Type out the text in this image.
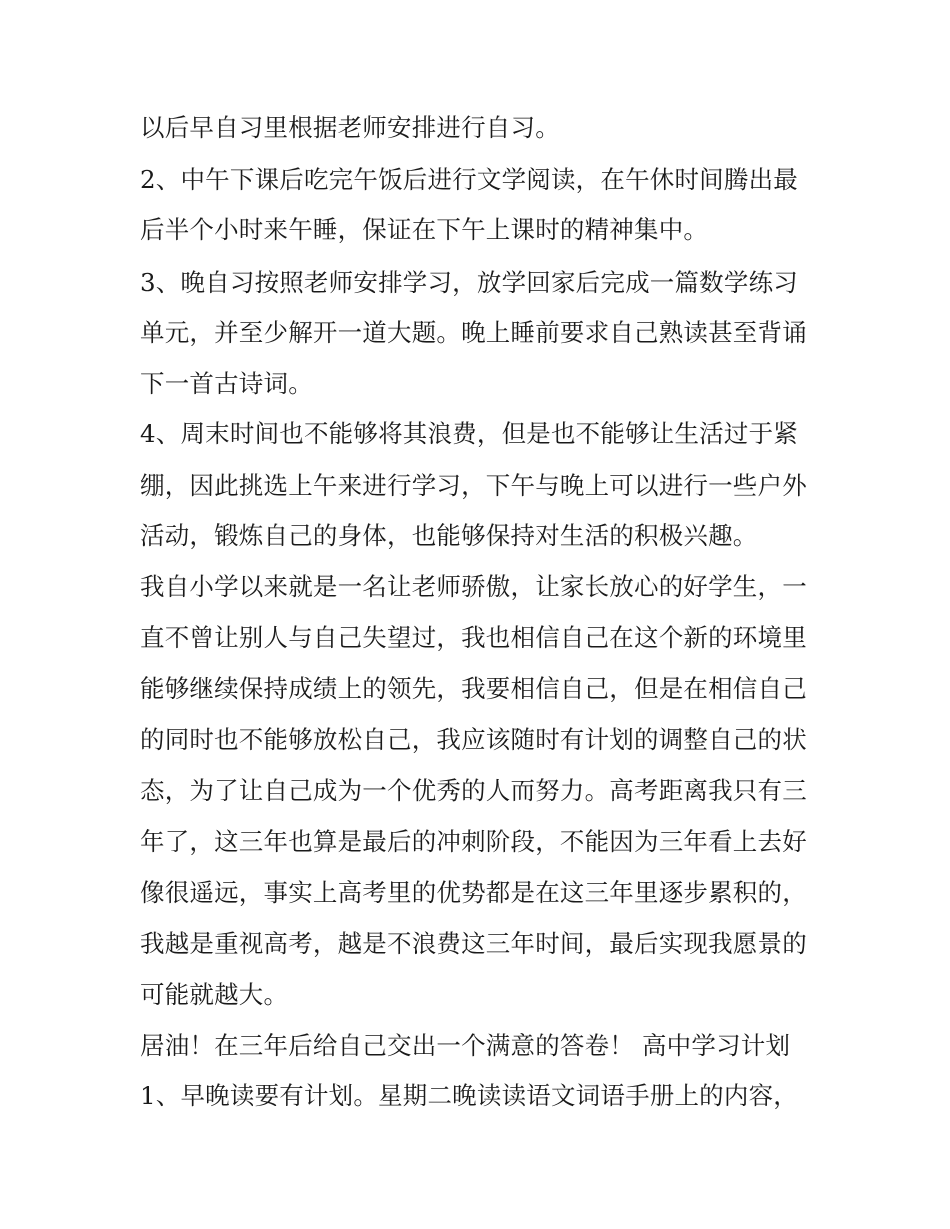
以后早自习里根据老师安排进行自习。
2、中午下课后吃完午饭后进行文学阅读，在午休时间腾出最
后半个小时来午睡，保证在下午上课时的精神集中。
3、晚自习按照老师安排学习，放学回家后完成一篇数学练习
单元，并至少解开一道大题。晚上睡前要求自己熟读甚至背诵
下一首古诗词。
4、周末时间也不能够将其浪费，但是也不能够让生活过于紧
绷，因此挑选上午来进行学习，下午与晚上可以进行一些户外
活动，锻炼自己的身体，也能够保持对生活的积极兴趣。
我自小学以来就是一名让老师骄傲，让家长放心的好学生，一
直不曾让别人与自己失望过，我也相信自己在这个新的环境里
能够继续保持成绩上的领先，我要相信自己，但是在相信自己
的同时也不能够放松自己，我应该随时有计划的调整自己的状
态，为了让自己成为一个优秀的人而努力。高考距离我只有三
年了，这三年也算是最后的冲刺阶段，不能因为三年看上去好
像很遥远，事实上高考里的优势都是在这三年里逐步累积的，
我越是重视高考，越是不浪费这三年时间，最后实现我愿景的
可能就越大。
居油！在三年后给自己交出一个满意的答卷！ 高中学习计划
1、早晚读要有计划。星期二晚读读语文词语手册上的内容，
